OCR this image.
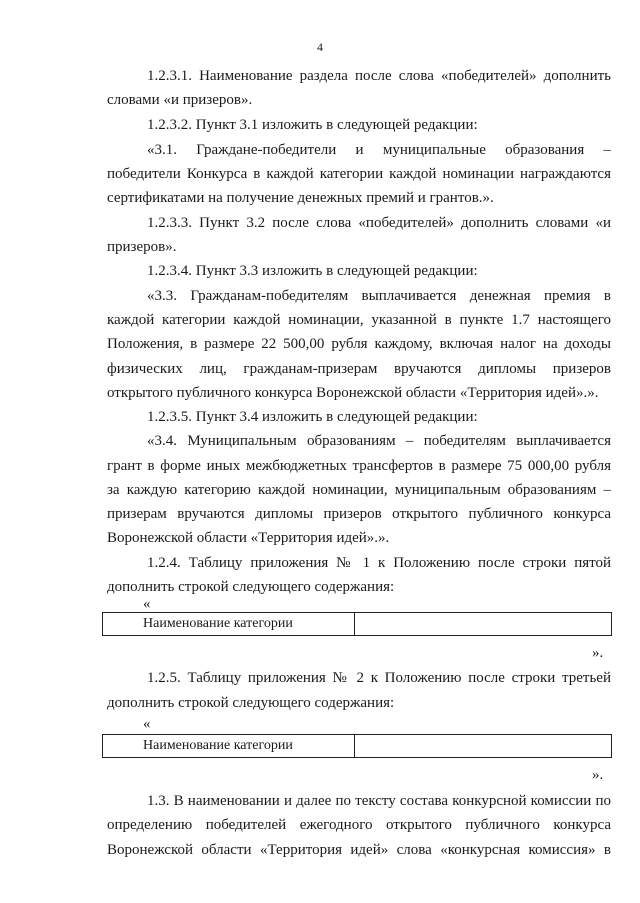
4
1.2.3.1. Наименование раздела после слова «победителей» дополнить
словами «и призеров».
1.2.3.2. Пункт 3.1 изложить в следующей редакции:
«3.1. Граждане-победители и муниципальные образования –
победители Конкурса в каждой категории каждой номинации награждаются
сертификатами на получение денежных премий и грантов.».
1.2.3.3. Пункт 3.2 после слова «победителей» дополнить словами «и
призеров».
1.2.3.4. Пункт 3.3 изложить в следующей редакции:
«3.3. Гражданам-победителям выплачивается денежная премия в
каждой категории каждой номинации, указанной в пункте 1.7 настоящего
Положения, в размере 22 500,00 рубля каждому, включая налог на доходы
физических лиц, гражданам-призерам вручаются дипломы призеров
открытого публичного конкурса Воронежской области «Территория идей».».
1.2.3.5. Пункт 3.4 изложить в следующей редакции:
«3.4. Муниципальным образованиям – победителям выплачивается
грант в форме иных межбюджетных трансфертов в размере 75 000,00 рубля
за каждую категорию каждой номинации, муниципальным образованиям –
призерам вручаются дипломы призеров открытого публичного конкурса
Воронежской области «Территория идей».».
1.2.4. Таблицу приложения № 1 к Положению после строки пятой
дополнить строкой следующего содержания:
«
Наименование категории	
».
1.2.5. Таблицу приложения № 2 к Положению после строки третьей
дополнить строкой следующего содержания:
«
Наименование категории	
».
1.3. В наименовании и далее по тексту состава конкурсной комиссии по
определению победителей ежегодного открытого публичного конкурса
Воронежской области «Территория идей» слова «конкурсная комиссия» в
